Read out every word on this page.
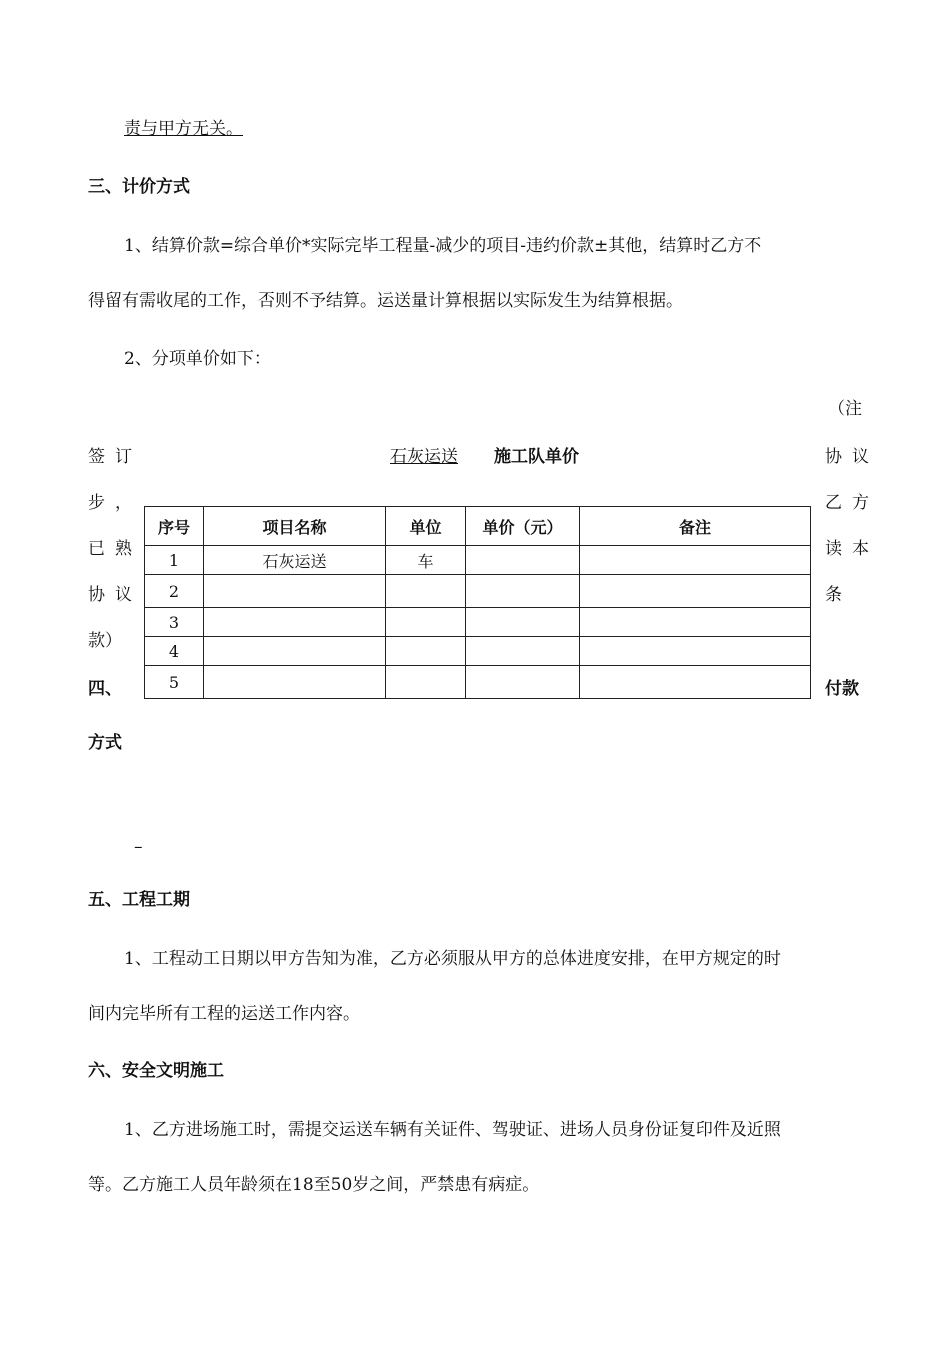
责与甲方无关。
三、计价方式
1、结算价款=综合单价*实际完毕工程量-减少的项目-违约价款±其他，结算时乙方不
得留有需收尾的工作，否则不予结算。运送量计算根据以实际发生为结算根据。
2、分项单价如下：
（注
协议
乙方
读本
条
签订
步，
已熟
协议
款）
石灰运送 施工队单价
序号	项目名称	单位	单价（元）	备注
1	石灰运送	车		
2				
3				
4				
5				
四、	付款
方式
–
五、工程工期
1、工程动工日期以甲方告知为准，乙方必须服从甲方的总体进度安排，在甲方规定的时
间内完毕所有工程的运送工作内容。
六、安全文明施工
1、乙方进场施工时，需提交运送车辆有关证件、驾驶证、进场人员身份证复印件及近照
等。乙方施工人员年龄须在18至50岁之间，严禁患有病症。
